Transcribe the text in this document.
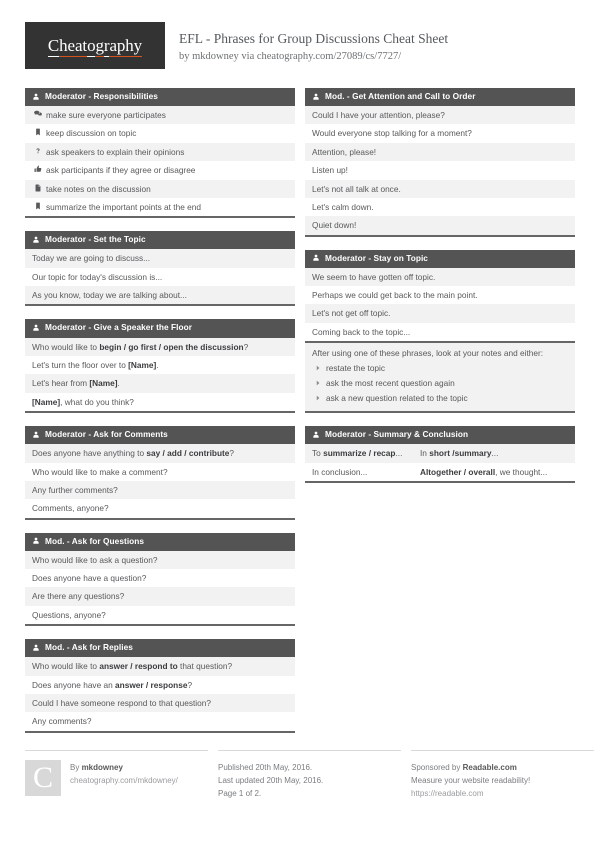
Cheatography	EFL - Phrases for Group Discussions Cheat Sheet
by mkdowney via cheatography.com/27089/cs/7727/
Moderator - Responsibilities
make sure everyone participates
keep discussion on topic
ask speakers to explain their opinions
ask participants if they agree or disagree
take notes on the discussion
summarize the important points at the end
Moderator - Set the Topic
Today we are going to discuss...
Our topic for today's discussion is...
As you know, today we are talking about...
Moderator - Give a Speaker the Floor
Who would like to begin / go first / open the discussion?
Let's turn the floor over to [Name].
Let's hear from [Name].
[Name], what do you think?
Moderator - Ask for Comments
Does anyone have anything to say / add / contribute?
Who would like to make a comment?
Any further comments?
Comments, anyone?
Mod. - Ask for Questions
Who would like to ask a question?
Does anyone have a question?
Are there any questions?
Questions, anyone?
Mod. - Ask for Replies
Who would like to answer / respond to that question?
Does anyone have an answer / response?
Could I have someone respond to that question?
Any comments?
Mod. - Get Attention and Call to Order
Could I have your attention, please?
Would everyone stop talking for a moment?
Attention, please!
Listen up!
Let's not all talk at once.
Let's calm down.
Quiet down!
Moderator - Stay on Topic
We seem to have gotten off topic.
Perhaps we could get back to the main point.
Let's not get off topic.
Coming back to the topic...
After using one of these phrases, look at your notes and either:
restate the topic
ask the most recent question again
ask a new question related to the topic
Moderator - Summary & Conclusion
To summarize / recap...	In short /summary...
In conclusion...	Altogether / overall, we thought...
C	By mkdowney
cheatography.com/mkdowney/
Published 20th May, 2016.
Last updated 20th May, 2016.
Page 1 of 2.
Sponsored by Readable.com
Measure your website readability!
https://readable.com
